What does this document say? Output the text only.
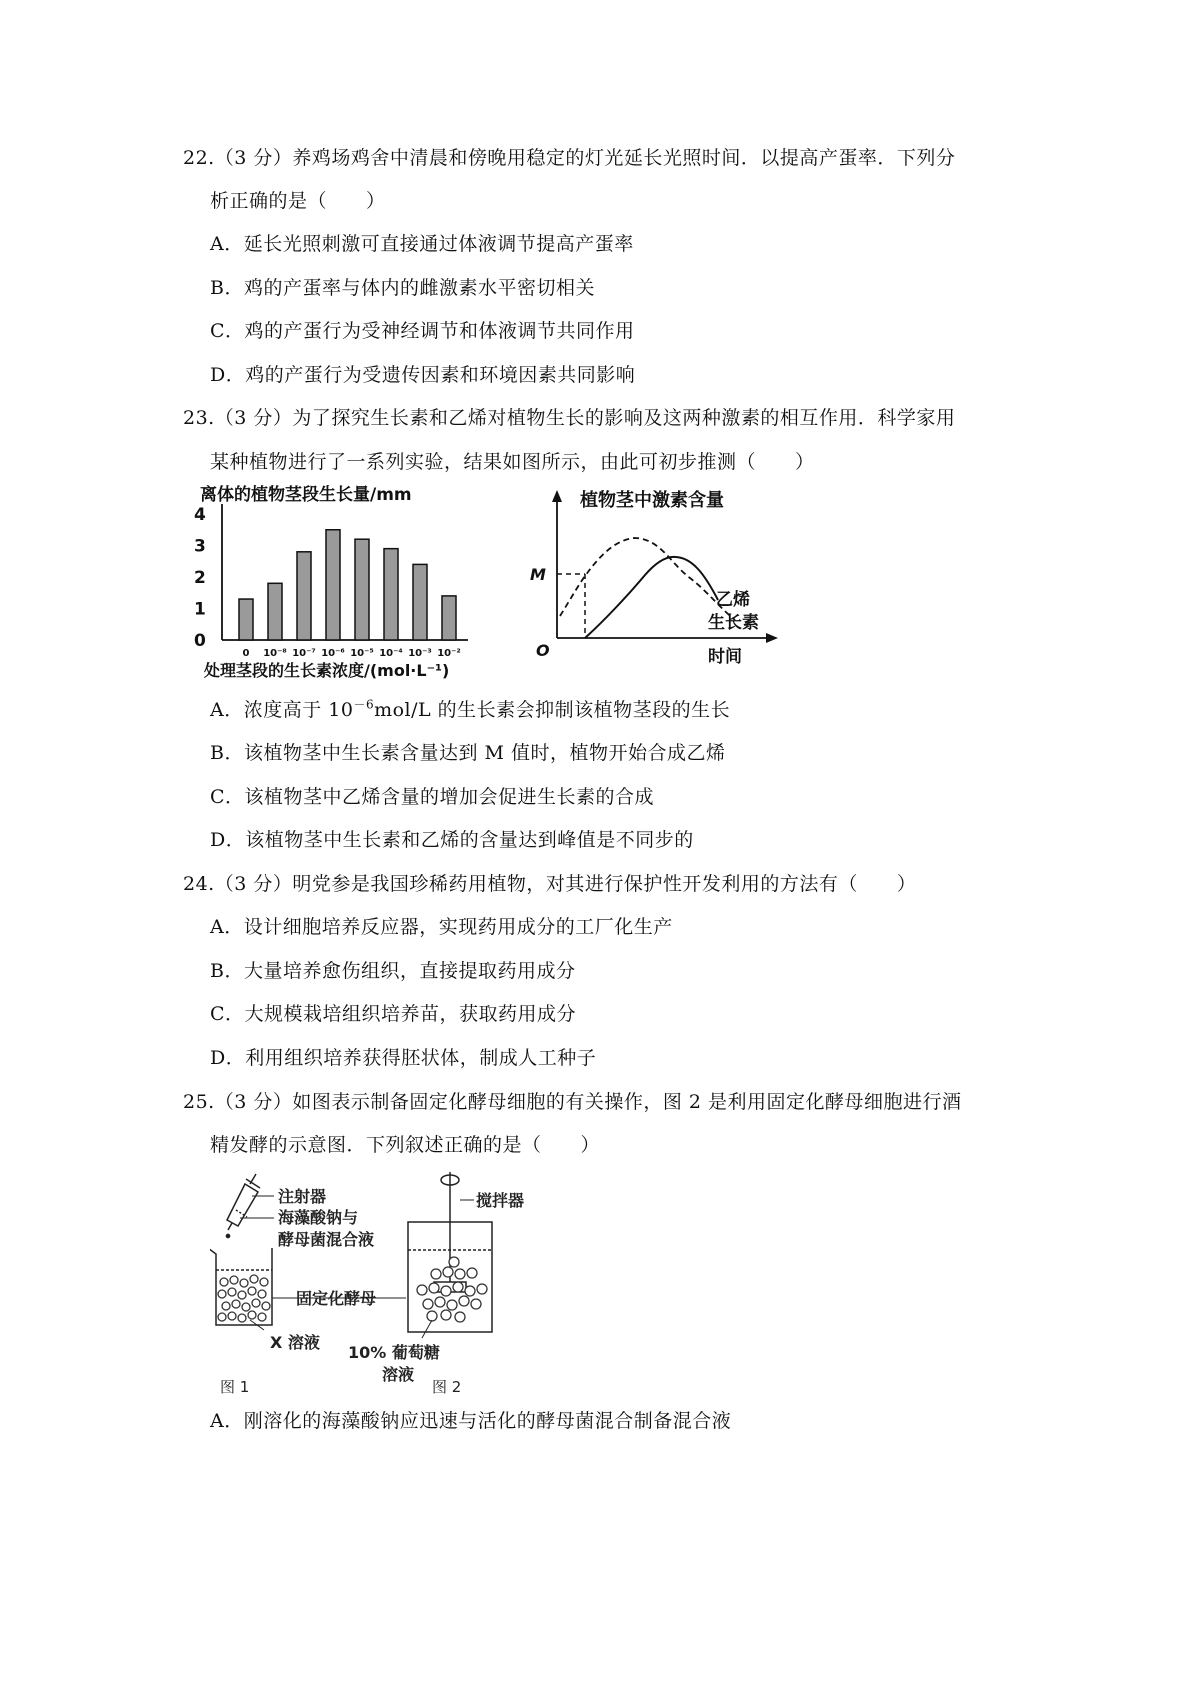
22.（3 分）养鸡场鸡舍中清晨和傍晚用稳定的灯光延长光照时间．以提高产蛋率．下列分
析正确的是（　　）
A．延长光照刺激可直接通过体液调节提高产蛋率
B．鸡的产蛋率与体内的雌激素水平密切相关
C．鸡的产蛋行为受神经调节和体液调节共同作用
D．鸡的产蛋行为受遗传因素和环境因素共同影响
23.（3 分）为了探究生长素和乙烯对植物生长的影响及这两种激素的相互作用．科学家用
某种植物进行了一系列实验，结果如图所示，由此可初步推测（　　）
离体的植物茎段生长量/mm
0
1
2
3
4
0 10⁻⁸ 10⁻⁷ 10⁻⁶ 10⁻⁵ 10⁻⁴ 10⁻³ 10⁻²
处理茎段的生长素浓度/(mol·L⁻¹)
植物茎中激素含量
O
M
乙烯
生长素
时间
A．浓度高于 $10^{-6}mol/L$ 的生长素会抑制该植物茎段的生长
B．该植物茎中生长素含量达到 M 值时，植物开始合成乙烯
C．该植物茎中乙烯含量的增加会促进生长素的合成
D．该植物茎中生长素和乙烯的含量达到峰值是不同步的
24.（3 分）明党参是我国珍稀药用植物，对其进行保护性开发利用的方法有（　　）
A．设计细胞培养反应器，实现药用成分的工厂化生产
B．大量培养愈伤组织，直接提取药用成分
C．大规模栽培组织培养苗，获取药用成分
D．利用组织培养获得胚状体，制成人工种子
25.（3 分）如图表示制备固定化酵母细胞的有关操作，图 2 是利用固定化酵母细胞进行酒
精发酵的示意图．下列叙述正确的是（　　）
注射器
海藻酸钠与
酵母菌混合液
固定化酵母
X 溶液
图 1
搅拌器
10% 葡萄糖
溶液
图 2
A．刚溶化的海藻酸钠应迅速与活化的酵母菌混合制备混合液
